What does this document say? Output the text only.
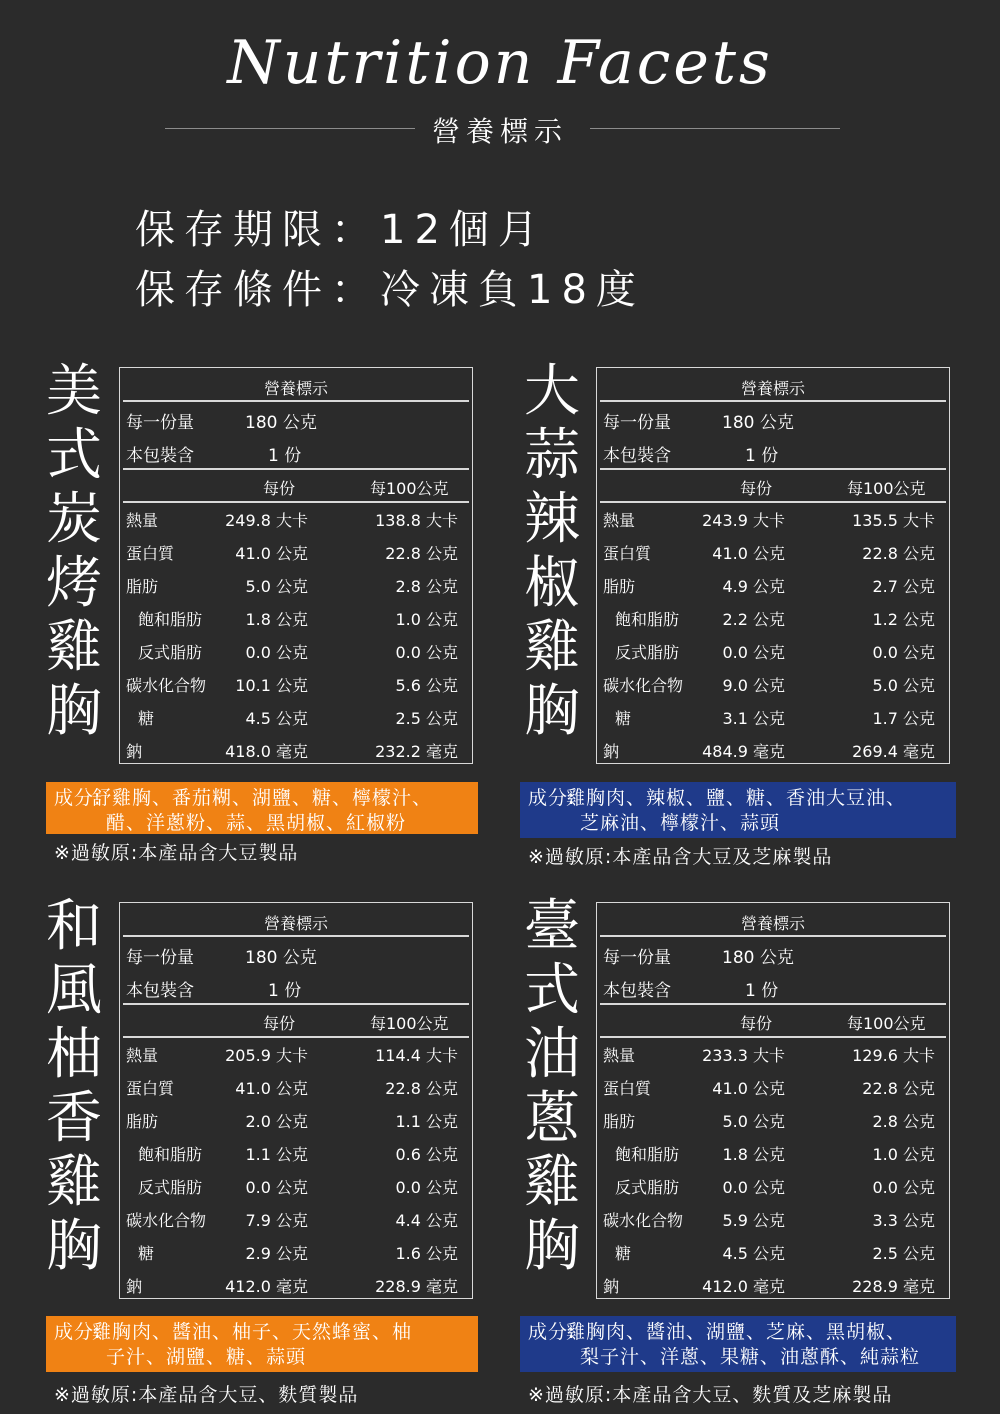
Nutrition Facets
營養標示
保存期限：12個月
保存條件：冷凍負18度
美
式
炭
烤
雞
胸
營養標示
每一份量	180 公克
本包裝含	1 份
每份	每100公克
熱量	249.8 大卡	138.8 大卡
蛋白質	41.0 公克	22.8 公克
脂肪	5.0 公克	2.8 公克
飽和脂肪	1.8 公克	1.0 公克
反式脂肪	0.0 公克	0.0 公克
碳水化合物 10.1 公克	5.6 公克
糖	4.5 公克	2.5 公克
鈉	418.0 毫克	232.2 毫克
成分:
舒雞胸、番茄糊、湖鹽、糖、檸檬汁、
醋、洋蔥粉、蒜、黑胡椒、紅椒粉
※過敏原:本產品含大豆製品
大
蒜
辣
椒
雞
胸
營養標示
每一份量	180 公克
本包裝含	1 份
每份	每100公克
熱量	243.9 大卡	135.5 大卡
蛋白質	41.0 公克	22.8 公克
脂肪	4.9 公克	2.7 公克
飽和脂肪	2.2 公克	1.2 公克
反式脂肪	0.0 公克	0.0 公克
碳水化合物 9.0 公克	5.0 公克
糖	3.1 公克	1.7 公克
鈉	484.9 毫克	269.4 毫克
成分:
雞胸肉、辣椒、鹽、糖、香油大豆油、
芝麻油、檸檬汁、蒜頭
※過敏原:本產品含大豆及芝麻製品
和
風
柚
香
雞
胸
營養標示
每一份量	180 公克
本包裝含	1 份
每份	每100公克
熱量	205.9 大卡	114.4 大卡
蛋白質	41.0 公克	22.8 公克
脂肪	2.0 公克	1.1 公克
飽和脂肪	1.1 公克	0.6 公克
反式脂肪	0.0 公克	0.0 公克
碳水化合物 7.9 公克	4.4 公克
糖	2.9 公克	1.6 公克
鈉	412.0 毫克	228.9 毫克
成分:
雞胸肉、醬油、柚子、天然蜂蜜、柚
子汁、湖鹽、糖、蒜頭
※過敏原:本產品含大豆、麩質製品
臺
式
油
蔥
雞
胸
營養標示
每一份量	180 公克
本包裝含	1 份
每份	每100公克
熱量	233.3 大卡	129.6 大卡
蛋白質	41.0 公克	22.8 公克
脂肪	5.0 公克	2.8 公克
飽和脂肪	1.8 公克	1.0 公克
反式脂肪	0.0 公克	0.0 公克
碳水化合物 5.9 公克	3.3 公克
糖	4.5 公克	2.5 公克
鈉	412.0 毫克	228.9 毫克
成分:
雞胸肉、醬油、湖鹽、芝麻、黑胡椒、
梨子汁、洋蔥、果糖、油蔥酥、純蒜粒
※過敏原:本產品含大豆、麩質及芝麻製品
